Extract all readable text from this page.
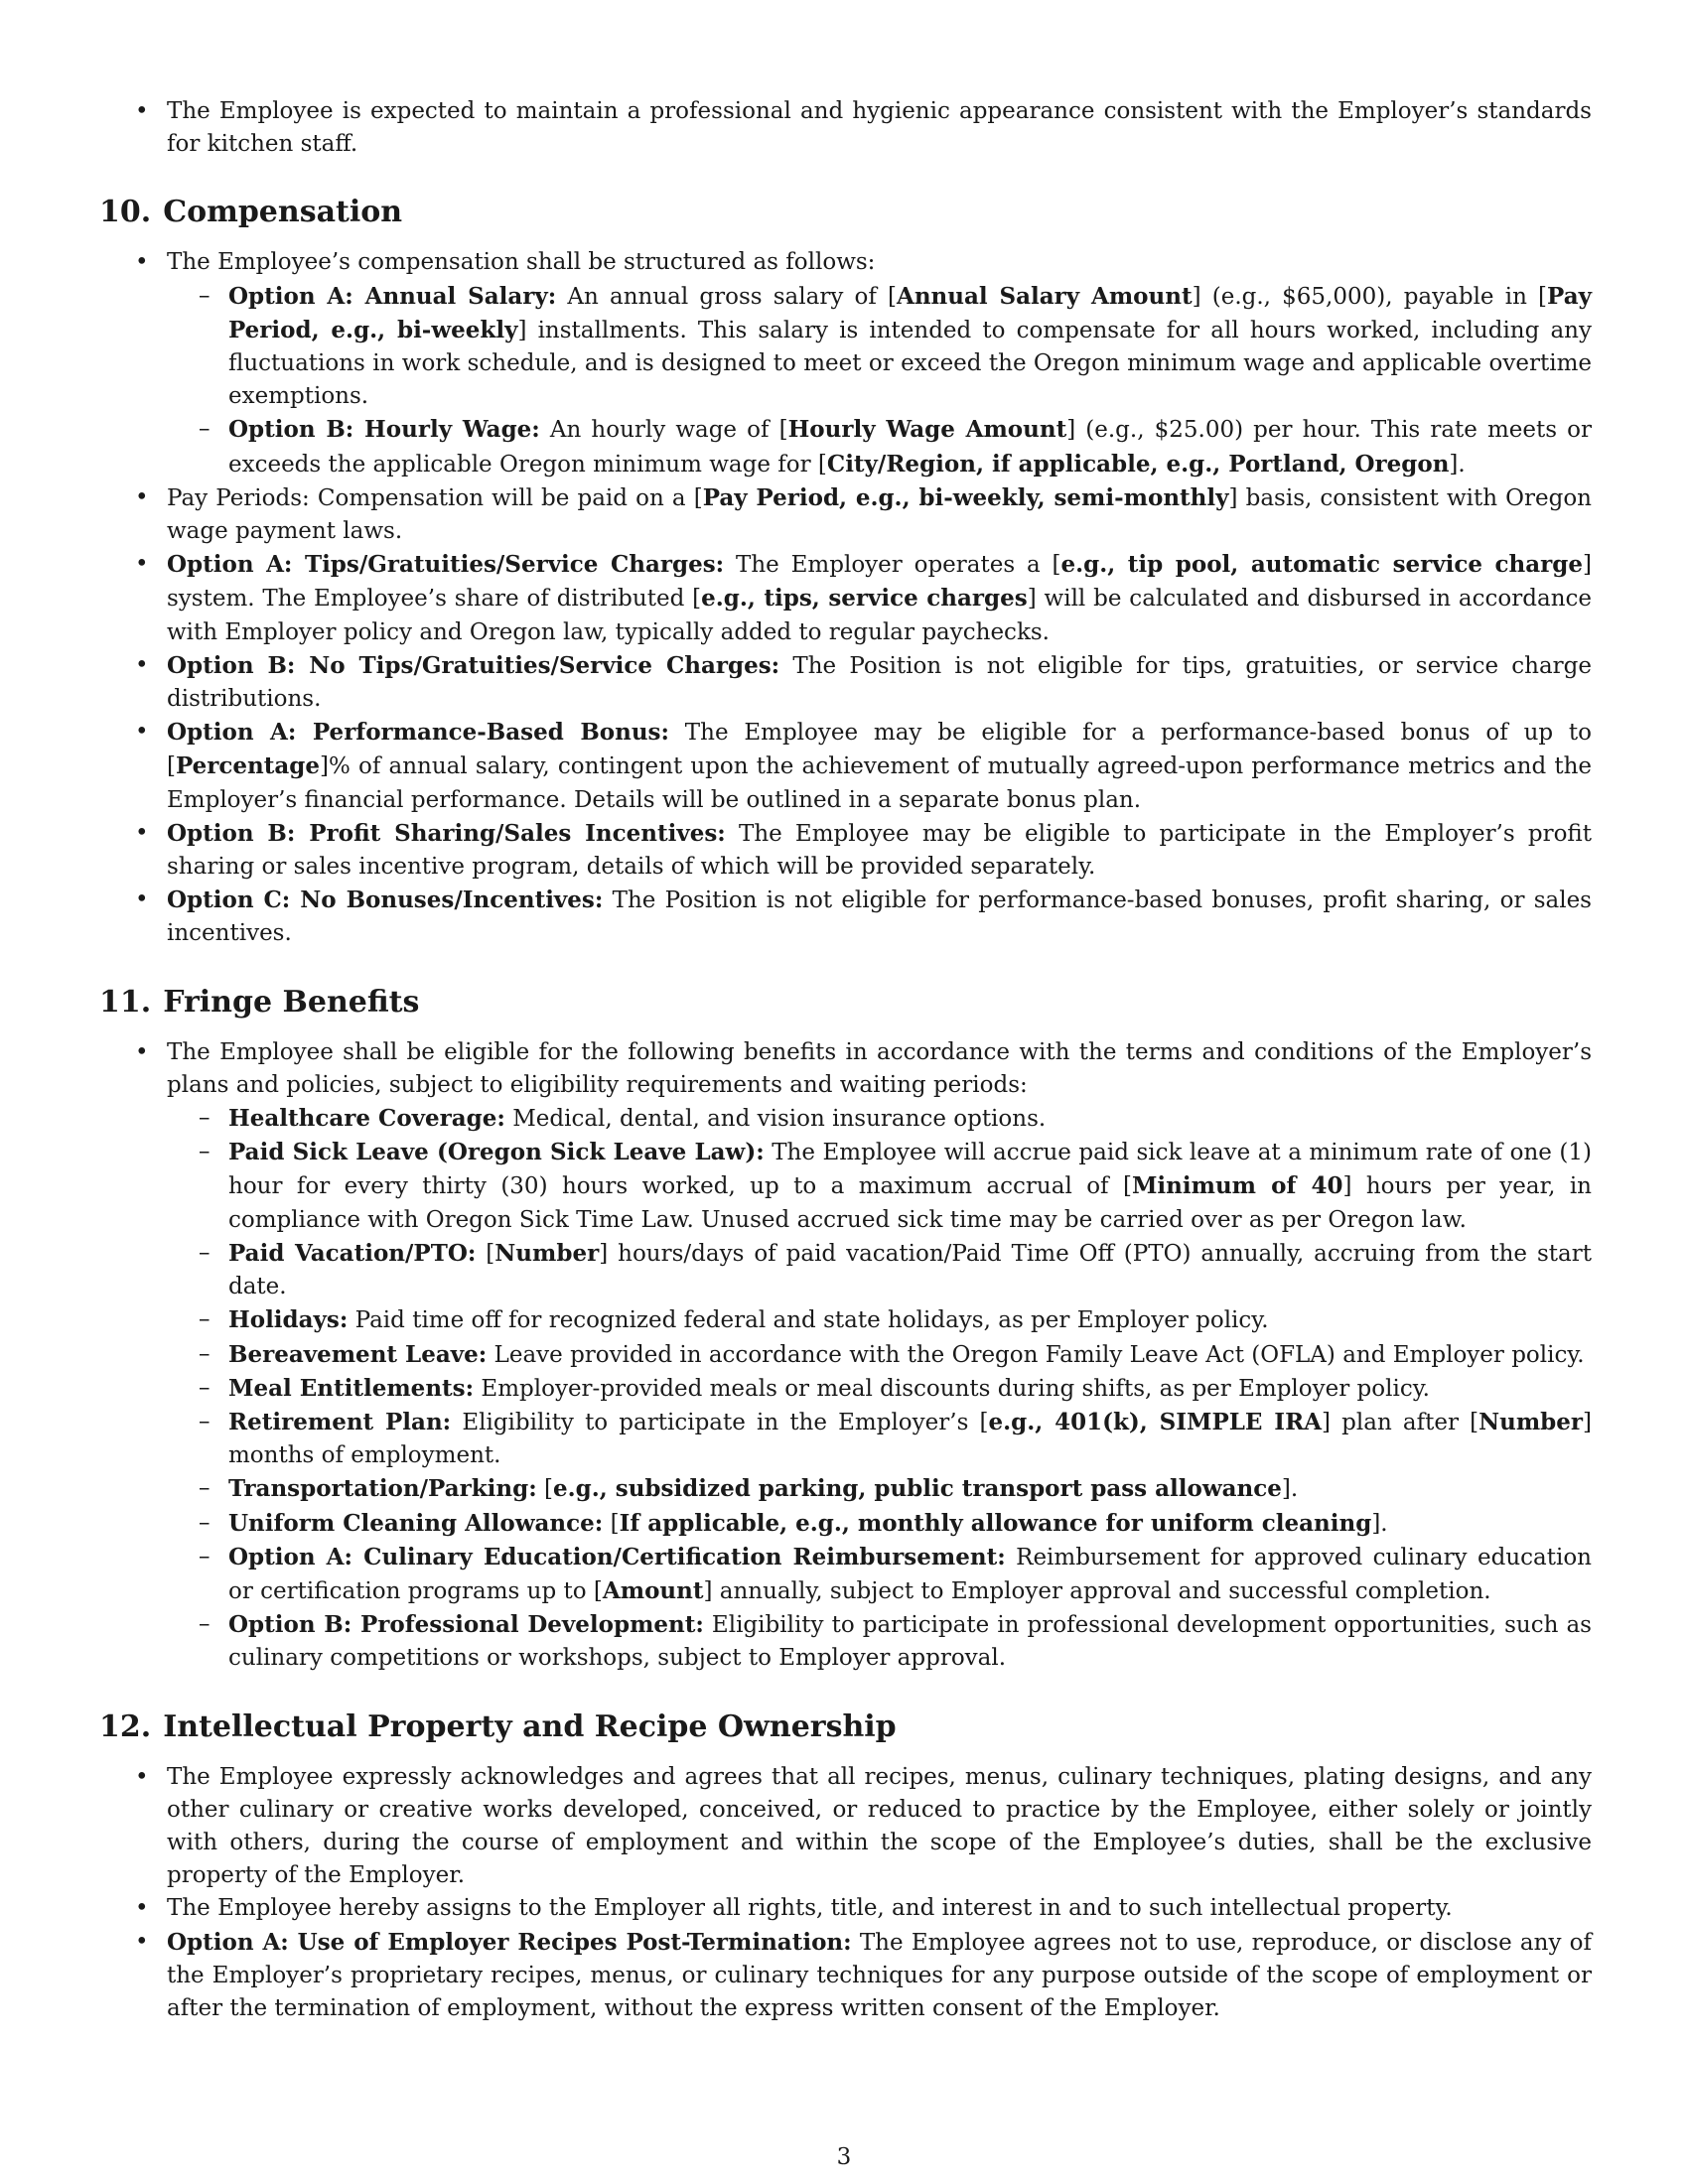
• The Employee is expected to maintain a professional and hygienic appearance consistent with the Employer’s standards for kitchen staff.
10. Compensation
• The Employee’s compensation shall be structured as follows:
– Option A: Annual Salary: An annual gross salary of [Annual Salary Amount] (e.g., $65,000), payable in [Pay Period, e.g., bi-weekly] installments. This salary is intended to compensate for all hours worked, including any fluctuations in work schedule, and is designed to meet or exceed the Oregon minimum wage and applicable overtime exemptions.
– Option B: Hourly Wage: An hourly wage of [Hourly Wage Amount] (e.g., $25.00) per hour. This rate meets or exceeds the applicable Oregon minimum wage for [City/Region, if applicable, e.g., Portland, Oregon].
• Pay Periods: Compensation will be paid on a [Pay Period, e.g., bi-weekly, semi-monthly] basis, consistent with Oregon wage payment laws.
• Option A: Tips/Gratuities/Service Charges: The Employer operates a [e.g., tip pool, automatic service charge] system. The Employee’s share of distributed [e.g., tips, service charges] will be calculated and disbursed in accordance with Employer policy and Oregon law, typically added to regular paychecks.
• Option B: No Tips/Gratuities/Service Charges: The Position is not eligible for tips, gratuities, or service charge distributions.
• Option A: Performance-Based Bonus: The Employee may be eligible for a performance-based bonus of up to [Percentage]% of annual salary, contingent upon the achievement of mutually agreed-upon performance metrics and the Employer’s financial performance. Details will be outlined in a separate bonus plan.
• Option B: Profit Sharing/Sales Incentives: The Employee may be eligible to participate in the Employer’s profit sharing or sales incentive program, details of which will be provided separately.
• Option C: No Bonuses/Incentives: The Position is not eligible for performance-based bonuses, profit sharing, or sales incentives.
11. Fringe Benefits
• The Employee shall be eligible for the following benefits in accordance with the terms and conditions of the Employer’s plans and policies, subject to eligibility requirements and waiting periods:
– Healthcare Coverage: Medical, dental, and vision insurance options.
– Paid Sick Leave (Oregon Sick Leave Law): The Employee will accrue paid sick leave at a minimum rate of one (1) hour for every thirty (30) hours worked, up to a maximum accrual of [Minimum of 40] hours per year, in compliance with Oregon Sick Time Law. Unused accrued sick time may be carried over as per Oregon law.
– Paid Vacation/PTO: [Number] hours/days of paid vacation/Paid Time Off (PTO) annually, accruing from the start date.
– Holidays: Paid time off for recognized federal and state holidays, as per Employer policy.
– Bereavement Leave: Leave provided in accordance with the Oregon Family Leave Act (OFLA) and Employer policy.
– Meal Entitlements: Employer-provided meals or meal discounts during shifts, as per Employer policy.
– Retirement Plan: Eligibility to participate in the Employer’s [e.g., 401(k), SIMPLE IRA] plan after [Number] months of employment.
– Transportation/Parking: [e.g., subsidized parking, public transport pass allowance].
– Uniform Cleaning Allowance: [If applicable, e.g., monthly allowance for uniform cleaning].
– Option A: Culinary Education/Certification Reimbursement: Reimbursement for approved culinary education or certification programs up to [Amount] annually, subject to Employer approval and successful completion.
– Option B: Professional Development: Eligibility to participate in professional development opportunities, such as culinary competitions or workshops, subject to Employer approval.
12. Intellectual Property and Recipe Ownership
• The Employee expressly acknowledges and agrees that all recipes, menus, culinary techniques, plating designs, and any other culinary or creative works developed, conceived, or reduced to practice by the Employee, either solely or jointly with others, during the course of employment and within the scope of the Employee’s duties, shall be the exclusive property of the Employer.
• The Employee hereby assigns to the Employer all rights, title, and interest in and to such intellectual property.
• Option A: Use of Employer Recipes Post-Termination: The Employee agrees not to use, reproduce, or disclose any of the Employer’s proprietary recipes, menus, or culinary techniques for any purpose outside of the scope of employment or after the termination of employment, without the express written consent of the Employer.
3
